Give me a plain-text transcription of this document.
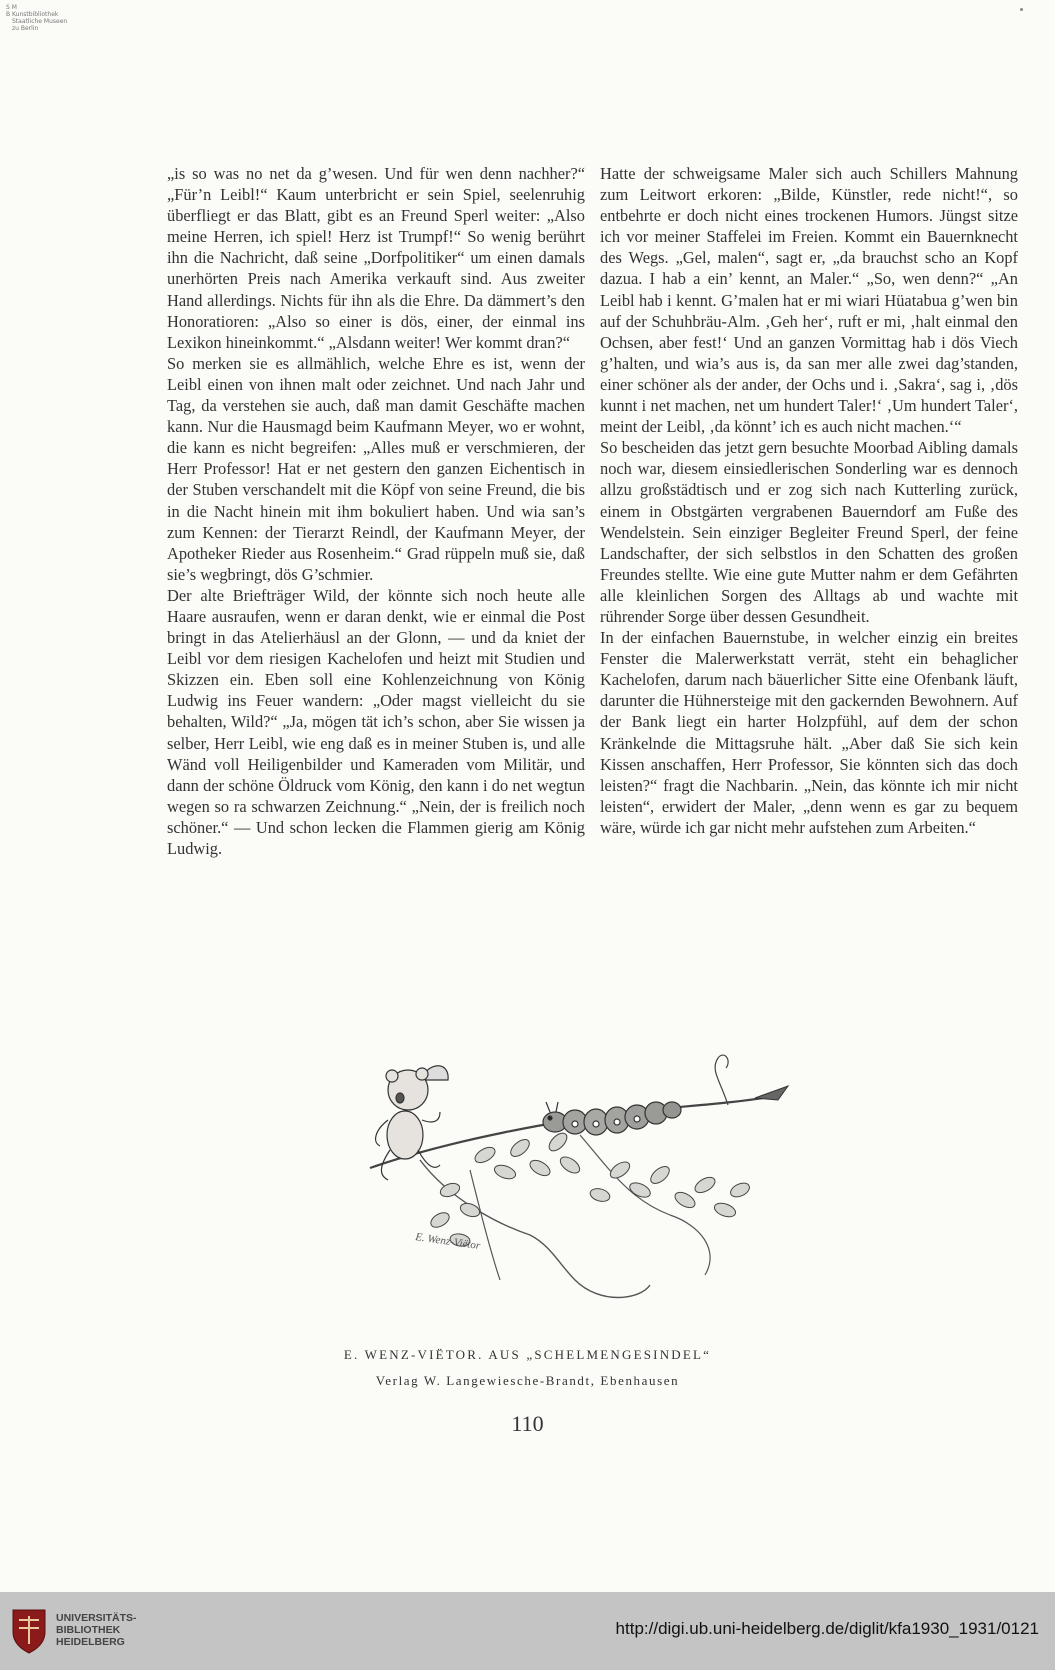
S M
B Kunstbibliothek
Staatliche Museen
zu Berlin

„is so was no net da g’wesen. Und für wen denn nachher?“ „Für’n Leibl!“ Kaum unterbricht er sein Spiel, seelenruhig überfliegt er das Blatt, gibt es an Freund Sperl weiter: „Also meine Herren, ich spiel! Herz ist Trumpf!“ So wenig berührt ihn die Nachricht, daß seine „Dorfpolitiker“ um einen damals unerhörten Preis nach Amerika verkauft sind. Aus zweiter Hand allerdings. Nichts für ihn als die Ehre. Da dämmert’s den Honoratioren: „Also so einer is dös, einer, der einmal ins Lexikon hineinkommt.“ „Alsdann weiter! Wer kommt dran?“

So merken sie es allmählich, welche Ehre es ist, wenn der Leibl einen von ihnen malt oder zeichnet. Und nach Jahr und Tag, da verstehen sie auch, daß man damit Geschäfte machen kann. Nur die Hausmagd beim Kaufmann Meyer, wo er wohnt, die kann es nicht begreifen: „Alles muß er verschmieren, der Herr Professor! Hat er net gestern den ganzen Eichentisch in der Stuben verschandelt mit die Köpf von seine Freund, die bis in die Nacht hinein mit ihm bokuliert haben. Und wia san’s zum Kennen: der Tierarzt Reindl, der Kaufmann Meyer, der Apotheker Rieder aus Rosenheim.“ Grad rüppeln muß sie, daß sie’s wegbringt, dös G’schmier.

Der alte Briefträger Wild, der könnte sich noch heute alle Haare ausraufen, wenn er daran denkt, wie er einmal die Post bringt in das Atelierhäusl an der Glonn, — und da kniet der Leibl vor dem riesigen Kachelofen und heizt mit Studien und Skizzen ein. Eben soll eine Kohlenzeichnung von König Ludwig ins Feuer wandern: „Oder magst vielleicht du sie behalten, Wild?“ „Ja, mögen tät ich’s schon, aber Sie wissen ja selber, Herr Leibl, wie eng daß es in meiner Stuben is, und alle Wänd voll Heiligenbilder und Kameraden vom Militär, und dann der schöne Öldruck vom König, den kann i do net wegtun wegen so ra schwarzen Zeichnung.“ „Nein, der is freilich noch schöner.“ — Und schon lecken die Flammen gierig am König Ludwig.

Hatte der schweigsame Maler sich auch Schillers Mahnung zum Leitwort erkoren: „Bilde, Künstler, rede nicht!“, so entbehrte er doch nicht eines trockenen Humors. Jüngst sitze ich vor meiner Staffelei im Freien. Kommt ein Bauernknecht des Wegs. „Gel, malen“, sagt er, „da brauchst scho an Kopf dazua. I hab a ein’ kennt, an Maler.“ „So, wen denn?“ „An Leibl hab i kennt. G’malen hat er mi wiari Hüatabua g’wen bin auf der Schuhbräu-Alm. ‚Geh her‘, ruft er mi, ‚halt einmal den Ochsen, aber fest!‘ Und an ganzen Vormittag hab i dös Viech g’halten, und wia’s aus is, da san mer alle zwei dag’standen, einer schöner als der ander, der Ochs und i. ‚Sakra‘, sag i, ‚dös kunnt i net machen, net um hundert Taler!‘ ‚Um hundert Taler‘, meint der Leibl, ‚da könnt’ ich es auch nicht machen.‘“

So bescheiden das jetzt gern besuchte Moorbad Aibling damals noch war, diesem einsiedlerischen Sonderling war es dennoch allzu großstädtisch und er zog sich nach Kutterling zurück, einem in Obstgärten vergrabenen Bauerndorf am Fuße des Wendelstein. Sein einziger Begleiter Freund Sperl, der feine Landschafter, der sich selbstlos in den Schatten des großen Freundes stellte. Wie eine gute Mutter nahm er dem Gefährten alle kleinlichen Sorgen des Alltags ab und wachte mit rührender Sorge über dessen Gesundheit.

In der einfachen Bauernstube, in welcher einzig ein breites Fenster die Malerwerkstatt verrät, steht ein behaglicher Kachelofen, darum nach bäuerlicher Sitte eine Ofenbank läuft, darunter die Hühnersteige mit den gackernden Bewohnern. Auf der Bank liegt ein harter Holzpfühl, auf dem der schon Kränkelnde die Mittagsruhe hält. „Aber daß Sie sich kein Kissen anschaffen, Herr Professor, Sie könnten sich das doch leisten?“ fragt die Nachbarin. „Nein, das könnte ich mir nicht leisten“, erwidert der Maler, „denn wenn es gar zu bequem wäre, würde ich gar nicht mehr aufstehen zum Arbeiten.“

E. Wenz-Viëtor
E. WENZ-VIËTOR. AUS „SCHELMENGESINDEL“
Verlag W. Langewiesche-Brandt, Ebenhausen
110
UNIVERSITÄTS-
BIBLIOTHEK
HEIDELBERG
http://digi.ub.uni-heidelberg.de/diglit/kfa1930_1931/0121
